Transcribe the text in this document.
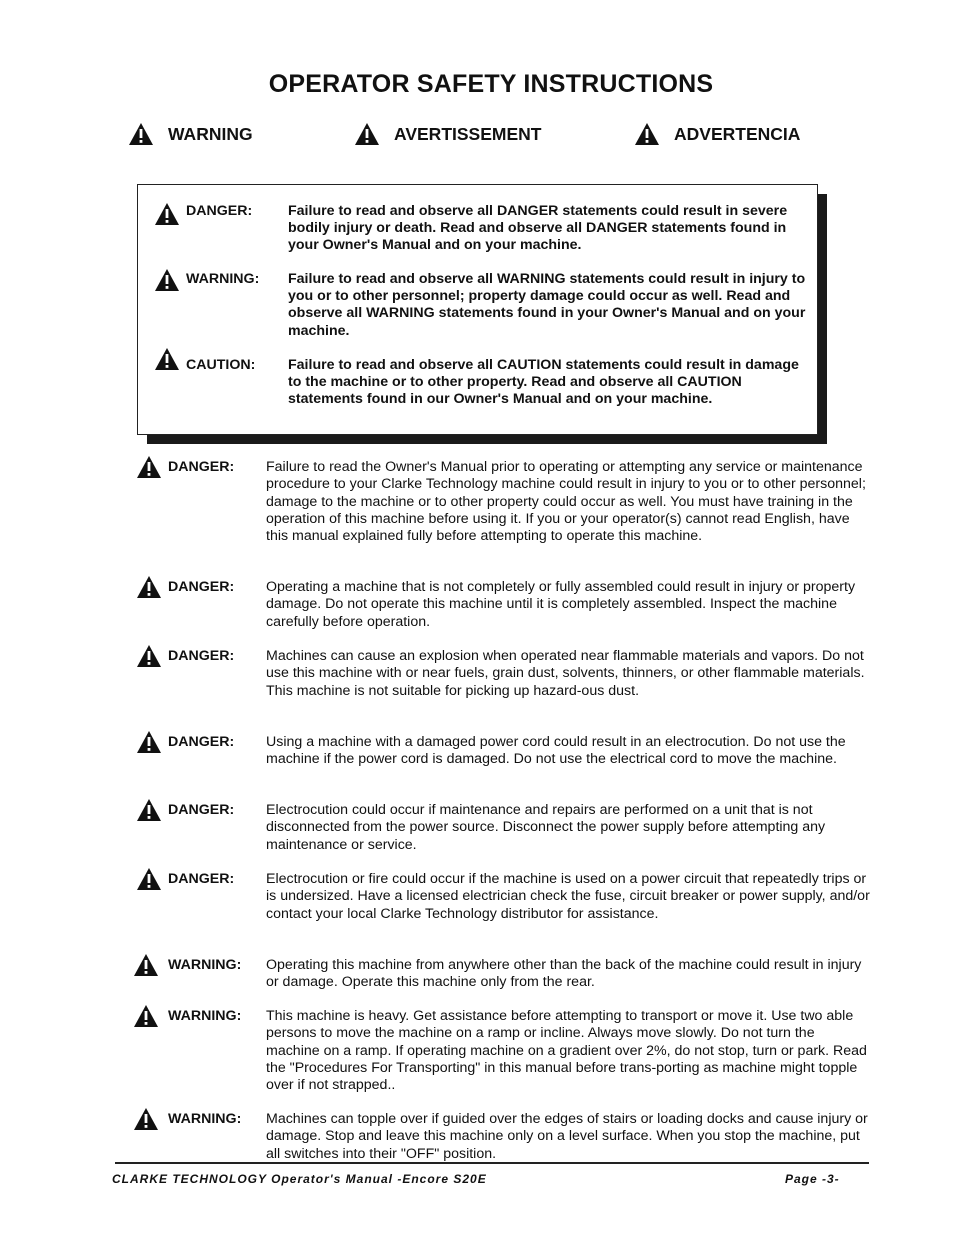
OPERATOR SAFETY INSTRUCTIONS
WARNING	AVERTISSEMENT	ADVERTENCIA
DANGER:	Failure to read and observe all DANGER statements could result in severe bodily injury or death. Read and observe all DANGER statements found in your Owner's Manual and on your machine.
WARNING: Failure to read and observe all WARNING statements could result in injury to you or to other personnel; property damage could occur as well. Read and observe all WARNING statements found in your Owner's Manual and on your machine.
CAUTION: Failure to read and observe all CAUTION statements could result in damage to the machine or to other property. Read and observe all CAUTION statements found in our Owner's Manual and on your machine.
DANGER: Failure to read the Owner's Manual prior to operating or attempting any service or maintenance procedure to your Clarke Technology machine could result in injury to you or to other personnel; damage to the machine or to other property could occur as well. You must have training in the operation of this machine before using it. If you or your operator(s) cannot read English, have this manual explained fully before attempting to operate this machine.
DANGER: Operating a machine that is not completely or fully assembled could result in injury or property damage. Do not operate this machine until it is completely assembled. Inspect the machine carefully before operation.
DANGER: Machines can cause an explosion when operated near flammable materials and vapors. Do not use this machine with or near fuels, grain dust, solvents, thinners, or other flammable materials. This machine is not suitable for picking up hazard-ous dust.
DANGER: Using a machine with a damaged power cord could result in an electrocution. Do not use the machine if the power cord is damaged. Do not use the electrical cord to move the machine.
DANGER: Electrocution could occur if maintenance and repairs are performed on a unit that is not disconnected from the power source. Disconnect the power supply before attempting any maintenance or service.
DANGER: Electrocution or fire could occur if the machine is used on a power circuit that repeatedly trips or is undersized. Have a licensed electrician check the fuse, circuit breaker or power supply, and/or contact your local Clarke Technology distributor for assistance.
WARNING: Operating this machine from anywhere other than the back of the machine could result in injury or damage. Operate this machine only from the rear.
WARNING: This machine is heavy. Get assistance before attempting to transport or move it. Use two able persons to move the machine on a ramp or incline. Always move slowly. Do not turn the machine on a ramp. If operating machine on a gradient over 2%, do not stop, turn or park. Read the "Procedures For Transporting" in this manual before trans-porting as machine might topple over if not strapped..
WARNING: Machines can topple over if guided over the edges of stairs or loading docks and cause injury or damage. Stop and leave this machine only on a level surface. When you stop the machine, put all switches into their "OFF" position.
CLARKE TECHNOLOGY Operator's Manual -Encore S20E	Page -3-
